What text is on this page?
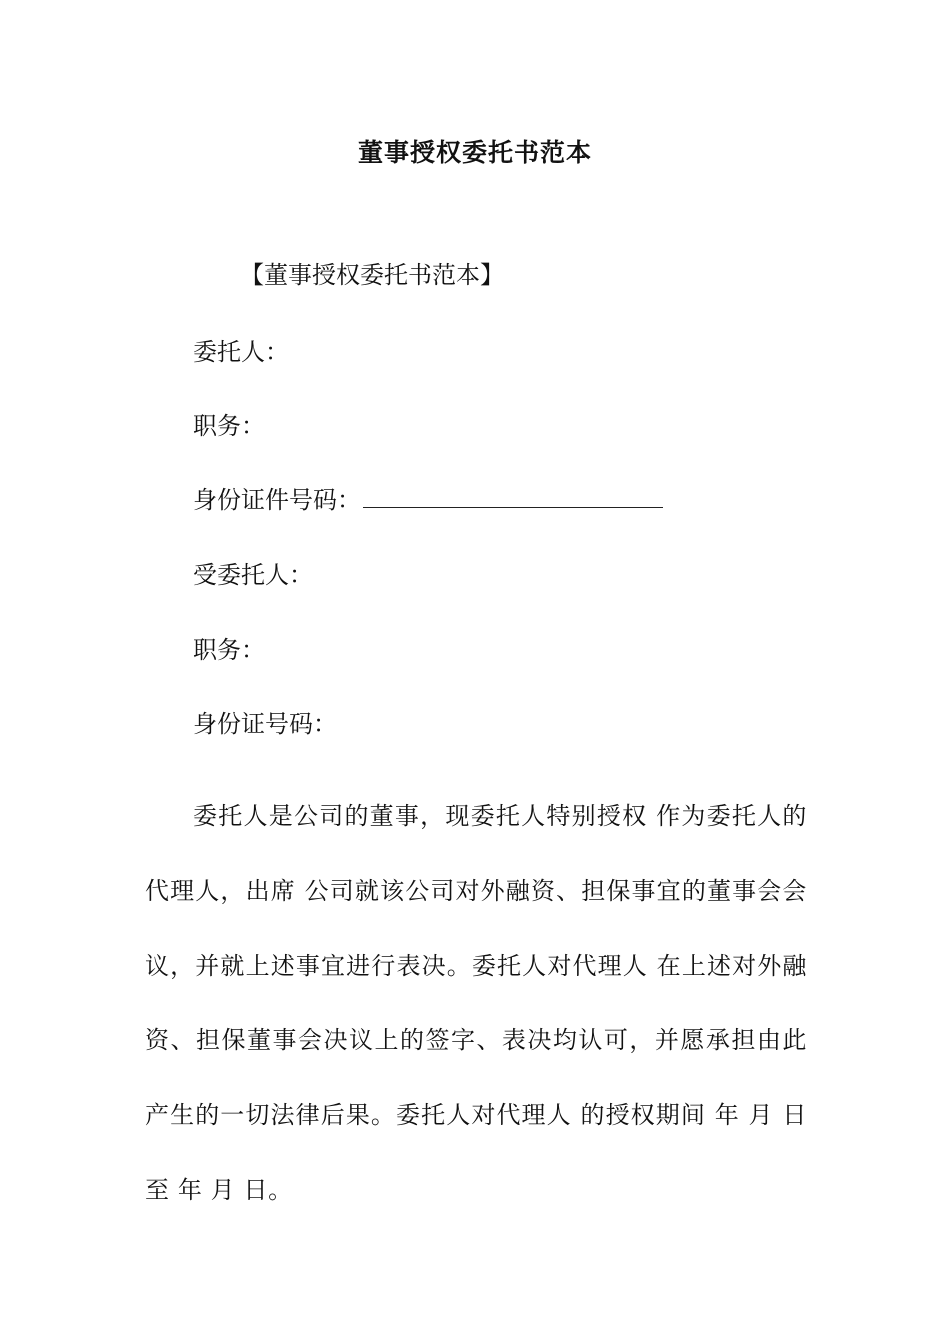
董事授权委托书范本
【董事授权委托书范本】
委托人：
职务：
身份证件号码：
受委托人：
职务：
身份证号码：
委托人是公司的董事，现委托人特别授权 作为委托人的代理人，出席 公司就该公司对外融资、担保事宜的董事会会议，并就上述事宜进行表决。委托人对代理人 在上述对外融资、担保董事会决议上的签字、表决均认可，并愿承担由此产生的一切法律后果。委托人对代理人 的授权期间 年 月 日至 年 月 日。
